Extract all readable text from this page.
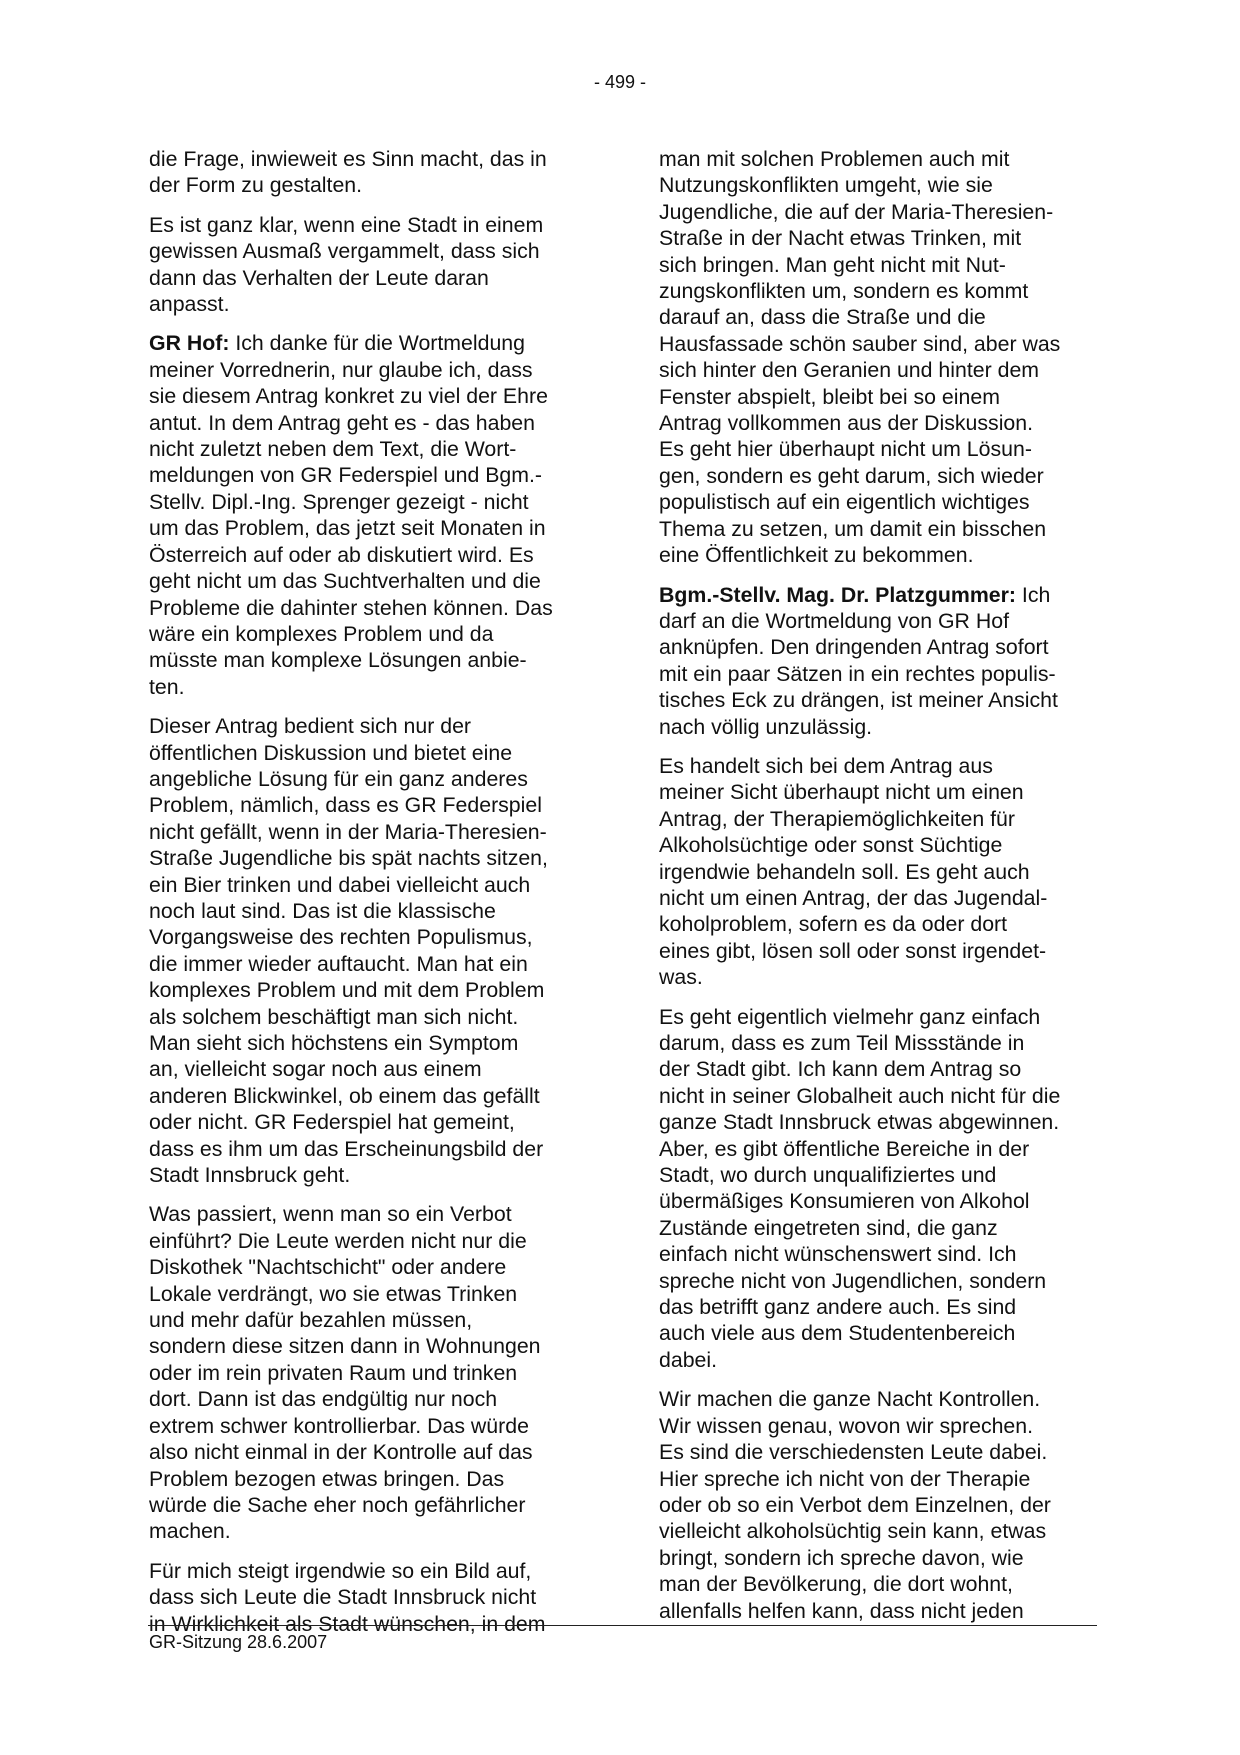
- 499 -
die Frage, inwieweit es Sinn macht, das in
der Form zu gestalten.
Es ist ganz klar, wenn eine Stadt in einem
gewissen Ausmaß vergammelt, dass sich
dann das Verhalten der Leute daran
anpasst.
GR Hof: Ich danke für die Wortmeldung
meiner Vorrednerin, nur glaube ich, dass
sie diesem Antrag konkret zu viel der Ehre
antut. In dem Antrag geht es - das haben
nicht zuletzt neben dem Text, die Wort-
meldungen von GR Federspiel und Bgm.-
Stellv. Dipl.-Ing. Sprenger gezeigt - nicht
um das Problem, das jetzt seit Monaten in
Österreich auf oder ab diskutiert wird. Es
geht nicht um das Suchtverhalten und die
Probleme die dahinter stehen können. Das
wäre ein komplexes Problem und da
müsste man komplexe Lösungen anbie-
ten.
Dieser Antrag bedient sich nur der
öffentlichen Diskussion und bietet eine
angebliche Lösung für ein ganz anderes
Problem, nämlich, dass es GR Federspiel
nicht gefällt, wenn in der Maria-Theresien-
Straße Jugendliche bis spät nachts sitzen,
ein Bier trinken und dabei vielleicht auch
noch laut sind. Das ist die klassische
Vorgangsweise des rechten Populismus,
die immer wieder auftaucht. Man hat ein
komplexes Problem und mit dem Problem
als solchem beschäftigt man sich nicht.
Man sieht sich höchstens ein Symptom
an, vielleicht sogar noch aus einem
anderen Blickwinkel, ob einem das gefällt
oder nicht. GR Federspiel hat gemeint,
dass es ihm um das Erscheinungsbild der
Stadt Innsbruck geht.
Was passiert, wenn man so ein Verbot
einführt? Die Leute werden nicht nur die
Diskothek "Nachtschicht" oder andere
Lokale verdrängt, wo sie etwas Trinken
und mehr dafür bezahlen müssen,
sondern diese sitzen dann in Wohnungen
oder im rein privaten Raum und trinken
dort. Dann ist das endgültig nur noch
extrem schwer kontrollierbar. Das würde
also nicht einmal in der Kontrolle auf das
Problem bezogen etwas bringen. Das
würde die Sache eher noch gefährlicher
machen.
Für mich steigt irgendwie so ein Bild auf,
dass sich Leute die Stadt Innsbruck nicht
in Wirklichkeit als Stadt wünschen, in dem
man mit solchen Problemen auch mit
Nutzungskonflikten umgeht, wie sie
Jugendliche, die auf der Maria-Theresien-
Straße in der Nacht etwas Trinken, mit
sich bringen. Man geht nicht mit Nut-
zungskonflikten um, sondern es kommt
darauf an, dass die Straße und die
Hausfassade schön sauber sind, aber was
sich hinter den Geranien und hinter dem
Fenster abspielt, bleibt bei so einem
Antrag vollkommen aus der Diskussion.
Es geht hier überhaupt nicht um Lösun-
gen, sondern es geht darum, sich wieder
populistisch auf ein eigentlich wichtiges
Thema zu setzen, um damit ein bisschen
eine Öffentlichkeit zu bekommen.
Bgm.-Stellv. Mag. Dr. Platzgummer: Ich
darf an die Wortmeldung von GR Hof
anknüpfen. Den dringenden Antrag sofort
mit ein paar Sätzen in ein rechtes populis-
tisches Eck zu drängen, ist meiner Ansicht
nach völlig unzulässig.
Es handelt sich bei dem Antrag aus
meiner Sicht überhaupt nicht um einen
Antrag, der Therapiemöglichkeiten für
Alkoholsüchtige oder sonst Süchtige
irgendwie behandeln soll. Es geht auch
nicht um einen Antrag, der das Jugendal-
koholproblem, sofern es da oder dort
eines gibt, lösen soll oder sonst irgendet-
was.
Es geht eigentlich vielmehr ganz einfach
darum, dass es zum Teil Missstände in
der Stadt gibt. Ich kann dem Antrag so
nicht in seiner Globalheit auch nicht für die
ganze Stadt Innsbruck etwas abgewinnen.
Aber, es gibt öffentliche Bereiche in der
Stadt, wo durch unqualifiziertes und
übermäßiges Konsumieren von Alkohol
Zustände eingetreten sind, die ganz
einfach nicht wünschenswert sind. Ich
spreche nicht von Jugendlichen, sondern
das betrifft ganz andere auch. Es sind
auch viele aus dem Studentenbereich
dabei.
Wir machen die ganze Nacht Kontrollen.
Wir wissen genau, wovon wir sprechen.
Es sind die verschiedensten Leute dabei.
Hier spreche ich nicht von der Therapie
oder ob so ein Verbot dem Einzelnen, der
vielleicht alkoholsüchtig sein kann, etwas
bringt, sondern ich spreche davon, wie
man der Bevölkerung, die dort wohnt,
allenfalls helfen kann, dass nicht jeden
GR-Sitzung 28.6.2007
